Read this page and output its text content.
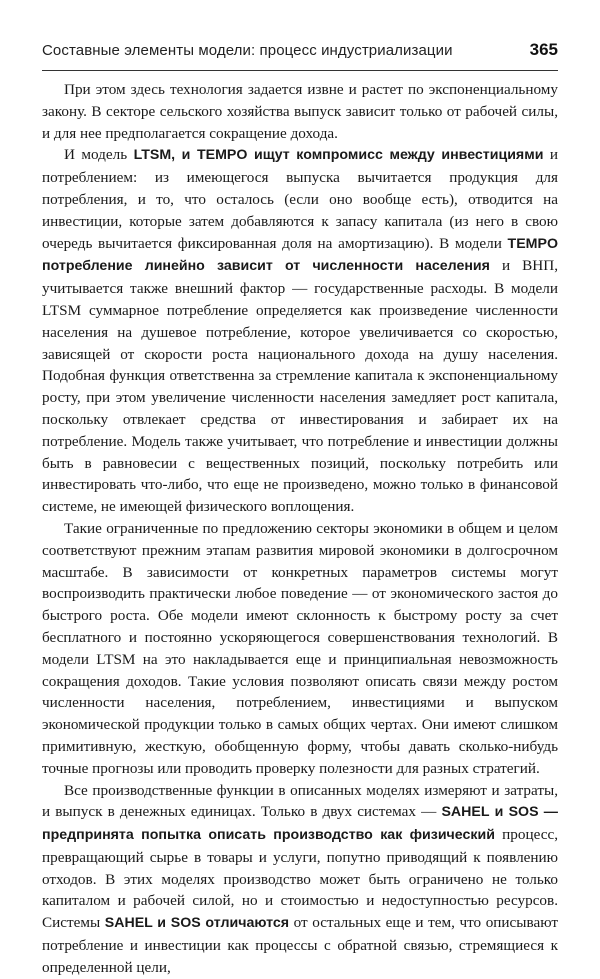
Составные элементы модели: процесс индустриализации	365

При этом здесь технология задается извне и растет по экспоненциальному закону. В секторе сельского хозяйства выпуск зависит только от рабочей силы, и для нее предполагается сокращение дохода.

И модель LTSM, и TEMPO ищут компромисс между инвестициями и потреблением: из имеющегося выпуска вычитается продукция для потребления, и то, что осталось (если оно вообще есть), отводится на инвестиции, которые затем добавляются к запасу капитала (из него в свою очередь вычитается фиксированная доля на амортизацию). В модели TEMPO потребление линейно зависит от численности населения и ВНП, учитывается также внешний фактор — государственные расходы. В модели LTSM суммарное потребление определяется как произведение численности населения на душевое потребление, которое увеличивается со скоростью, зависящей от скорости роста национального дохода на душу населения. Подобная функция ответственна за стремление капитала к экспоненциальному росту, при этом увеличение численности населения замедляет рост капитала, поскольку отвлекает средства от инвестирования и забирает их на потребление. Модель также учитывает, что потребление и инвестиции должны быть в равновесии с вещественных позиций, поскольку потребить или инвестировать что-либо, что еще не произведено, можно только в финансовой системе, не имеющей физического воплощения.

Такие ограниченные по предложению секторы экономики в общем и целом соответствуют прежним этапам развития мировой экономики в долгосрочном масштабе. В зависимости от конкретных параметров системы могут воспроизводить практически любое поведение — от экономического застоя до быстрого роста. Обе модели имеют склонность к быстрому росту за счет бесплатного и постоянно ускоряющегося совершенствования технологий. В модели LTSM на это накладывается еще и принципиальная невозможность сокращения доходов. Такие условия позволяют описать связи между ростом численности населения, потреблением, инвестициями и выпуском экономической продукции только в самых общих чертах. Они имеют слишком примитивную, жесткую, обобщенную форму, чтобы давать сколько-нибудь точные прогнозы или проводить проверку полезности для разных стратегий.

Все производственные функции в описанных моделях измеряют и затраты, и выпуск в денежных единицах. Только в двух системах — SAHEL и SOS — предпринята попытка описать производство как физический процесс, превращающий сырье в товары и услуги, попутно приводящий к появлению отходов. В этих моделях производство может быть ограничено не только капиталом и рабочей силой, но и стоимостью и недоступностью ресурсов. Системы SAHEL и SOS отличаются от остальных еще и тем, что описывают потребление и инвестиции как процессы с обратной связью, стремящиеся к определенной цели,
